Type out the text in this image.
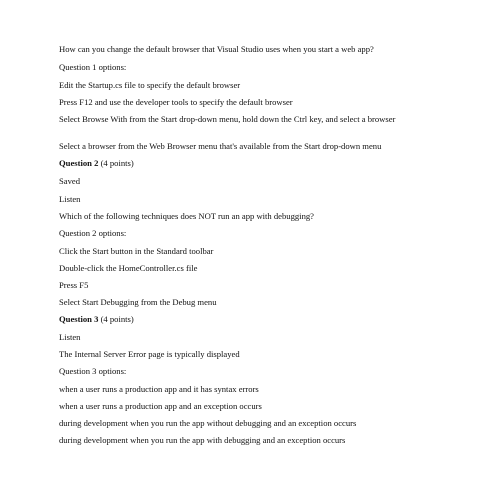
How can you change the default browser that Visual Studio uses when you start a web app?
Question 1 options:
Edit the Startup.cs file to specify the default browser
Press F12 and use the developer tools to specify the default browser
Select Browse With from the Start drop-down menu, hold down the Ctrl key, and select a browser
Select a browser from the Web Browser menu that's available from the Start drop-down menu
Question 2 (4 points)
Saved
Listen
Which of the following techniques does NOT run an app with debugging?
Question 2 options:
Click the Start button in the Standard toolbar
Double-click the HomeController.cs file
Press F5
Select Start Debugging from the Debug menu
Question 3 (4 points)
Listen
The Internal Server Error page is typically displayed
Question 3 options:
when a user runs a production app and it has syntax errors
when a user runs a production app and an exception occurs
during development when you run the app without debugging and an exception occurs
during development when you run the app with debugging and an exception occurs
